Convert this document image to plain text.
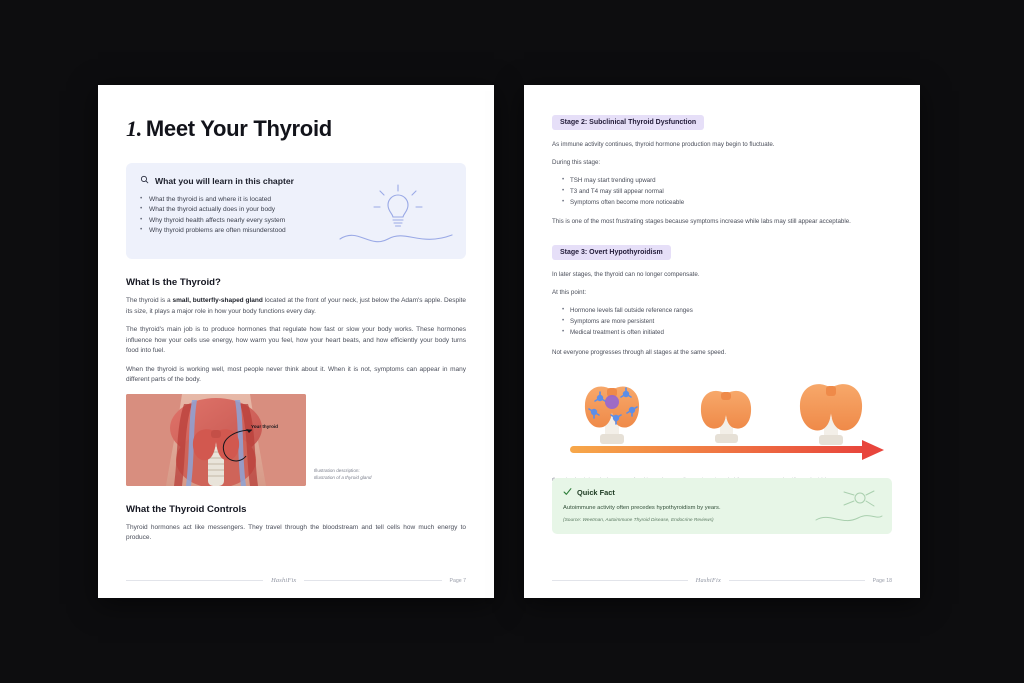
1. Meet Your Thyroid
What you will learn in this chapter
• What the thyroid is and where it is located
• What the thyroid actually does in your body
• Why thyroid health affects nearly every system
• Why thyroid problems are often misunderstood
What Is the Thyroid?

The thyroid is a small, butterfly-shaped gland located at the front of your neck, just below the Adam's apple. Despite its size, it plays a major role in how your body functions every day.

The thyroid's main job is to produce hormones that regulate how fast or slow your body works. These hormones influence how your cells use energy, how warm you feel, how your heart beats, and how efficiently your body turns food into fuel.

When the thyroid is working well, most people never think about it. When it is not, symptoms can appear in many different parts of the body.

Your thyroid
Illustration description:
Illustration of a thyroid gland
What the Thyroid Controls

Thyroid hormones act like messengers. They travel through the bloodstream and tell cells how much energy to produce.

HashiFix	Page 7
Stage 2: Subclinical Thyroid Dysfunction

As immune activity continues, thyroid hormone production may begin to fluctuate.

During this stage:

• TSH may start trending upward
• T3 and T4 may still appear normal
• Symptoms often become more noticeable

This is one of the most frustrating stages because symptoms increase while labs may still appear acceptable.

Stage 3: Overt Hypothyroidism

In later stages, the thyroid can no longer compensate.

At this point:

• Hormone levels fall outside reference ranges
• Symptoms are more persistent
• Medical treatment is often initiated

Not everyone progresses through all stages at the same speed.

Quick Fact
Autoimmune activity often precedes hypothyroidism by years.
(Source: Weetman, Autoimmune Thyroid Disease, Endocrine Reviews)
HashiFix	Page 18
